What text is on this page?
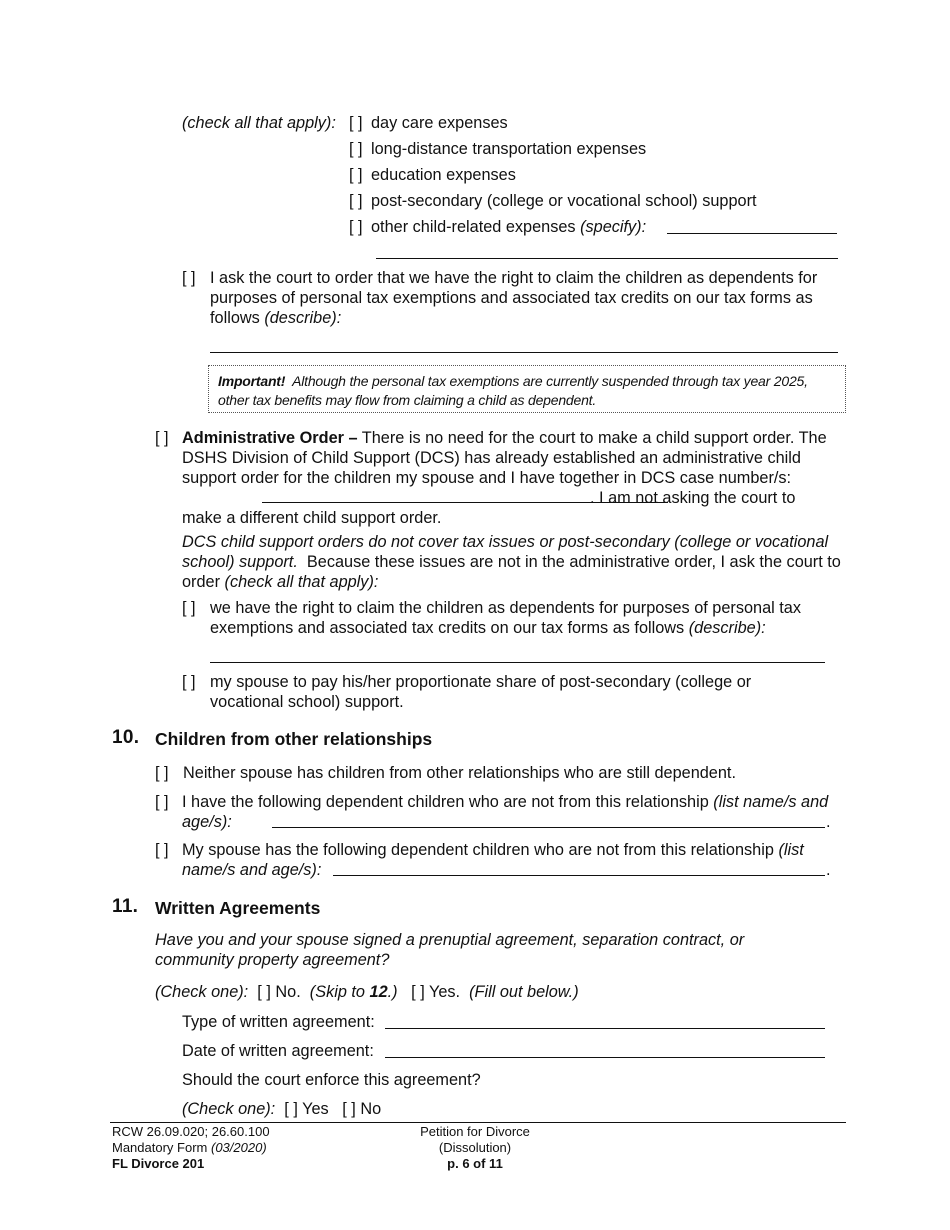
(check all that apply): [ ] day care expenses
[ ] long-distance transportation expenses
[ ] education expenses
[ ] post-secondary (college or vocational school) support
[ ] other child-related expenses (specify):
[ ] I ask the court to order that we have the right to claim the children as dependents for purposes of personal tax exemptions and associated tax credits on our tax forms as follows (describe):
Important! Although the personal tax exemptions are currently suspended through tax year 2025, other tax benefits may flow from claiming a child as dependent.
[ ] Administrative Order – There is no need for the court to make a child support order. The DSHS Division of Child Support (DCS) has already established an administrative child support order for the children my spouse and I have together in DCS case number/s:. I am not asking the court to make a different child support order.
DCS child support orders do not cover tax issues or post-secondary (college or vocational school) support. Because these issues are not in the administrative order, I ask the court to order (check all that apply):
[ ] we have the right to claim the children as dependents for purposes of personal tax exemptions and associated tax credits on our tax forms as follows (describe):
[ ] my spouse to pay his/her proportionate share of post-secondary (college or vocational school) support.
10. Children from other relationships
[ ] Neither spouse has children from other relationships who are still dependent.
[ ] I have the following dependent children who are not from this relationship (list name/s and age/s):	.
[ ] My spouse has the following dependent children who are not from this relationship (list name/s and age/s):	.
11. Written Agreements
Have you and your spouse signed a prenuptial agreement, separation contract, or community property agreement?
(Check one): [ ] No. (Skip to 12.) [ ] Yes. (Fill out below.)
Type of written agreement:
Date of written agreement:
Should the court enforce this agreement?
(Check one): [ ] Yes [ ] No
RCW 26.09.020; 26.60.100
Mandatory Form (03/2020)
FL Divorce 201
Petition for Divorce
(Dissolution)
p. 6 of 11
